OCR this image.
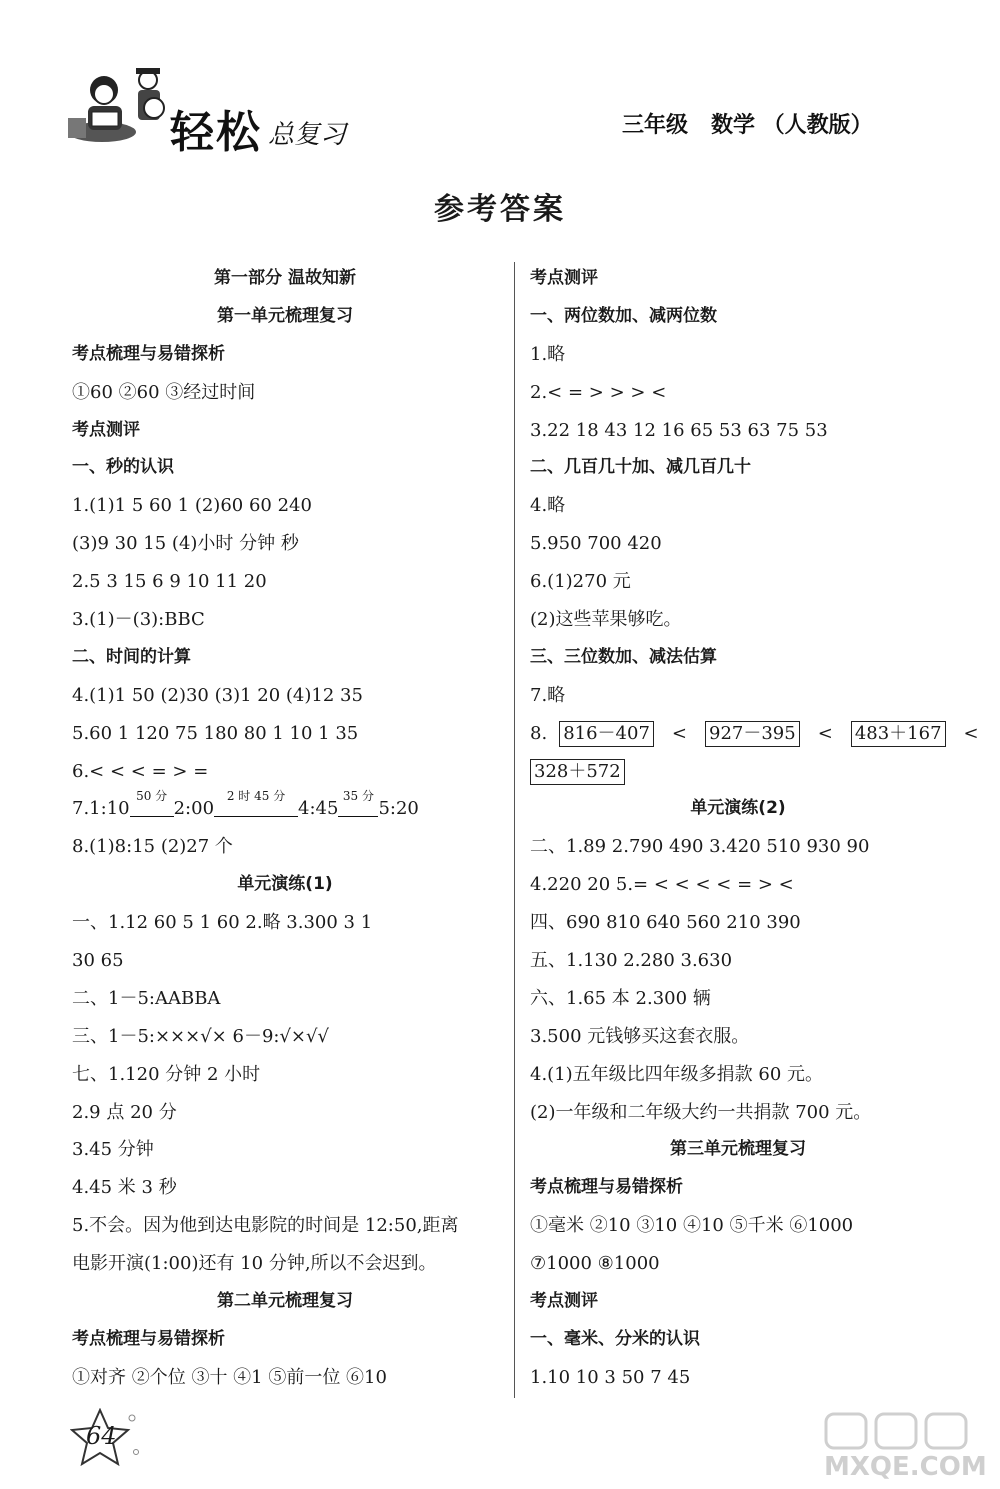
轻松 总复习	三年级   数学 （人教版）
参考答案
第一部分 温故知新
第一单元梳理复习
考点梳理与易错探析
①60 ②60 ③经过时间
考点测评
一、秒的认识
1.(1)1 5 60 1 (2)60 60 240
(3)9 30 15 (4)小时 分钟 秒
2.5 3 15 6 9 10 11 20
3.(1)－(3):BBC
二、时间的计算
4.(1)1 50 (2)30 (3)1 20 (4)12 35
5.60 1 120 75 180 80 1 10 1 35
6.< < < = > =
7.1:1050 分2:002 时 45 分4:4535 分5:20
8.(1)8:15 (2)27 个
单元演练(1)
一、1.12 60 5 1 60 2.略 3.300 3 1
30 65
二、1－5:AABBA
三、1－5:×××√× 6－9:√×√√
七、1.120 分钟 2 小时
2.9 点 20 分
3.45 分钟
4.45 米 3 秒
5.不会。因为他到达电影院的时间是 12:50,距离
电影开演(1:00)还有 10 分钟,所以不会迟到。
第二单元梳理复习
考点梳理与易错探析
①对齐 ②个位 ③十 ④1 ⑤前一位 ⑥10
考点测评
一、两位数加、减两位数
1.略
2.< = > > > <
3.22 18 43 12 16 65 53 63 75 53
二、几百几十加、减几百几十
4.略
5.950 700 420
6.(1)270 元
(2)这些苹果够吃。
三、三位数加、减法估算
7.略
8. 816－407 < 927－395 < 483＋167 <
328＋572
单元演练(2)
二、1.89 2.790 490 3.420 510 930 90
4.220 20 5.= < < < < = > <
四、690 810 640 560 210 390
五、1.130 2.280 3.630
六、1.65 本 2.300 辆
3.500 元钱够买这套衣服。
4.(1)五年级比四年级多捐款 60 元。
(2)一年级和二年级大约一共捐款 700 元。
第三单元梳理复习
考点梳理与易错探析
①毫米 ②10 ③10 ④10 ⑤千米 ⑥1000
⑦1000 ⑧1000
考点测评
一、毫米、分米的认识
1.10 10 3 50 7 45
64
MXQE.COM
